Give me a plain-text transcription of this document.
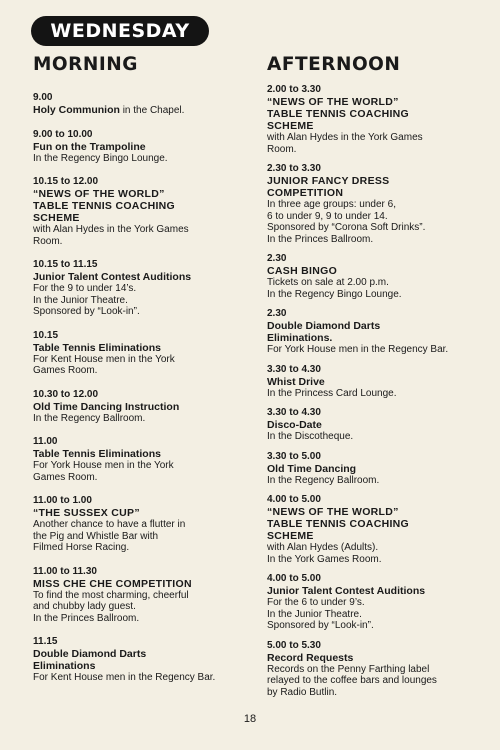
WEDNESDAY
MORNING
9.00
Holy Communion in the Chapel.
9.00 to 10.00
Fun on the Trampoline
In the Regency Bingo Lounge.
10.15 to 12.00
“NEWS OF THE WORLD”
TABLE TENNIS COACHING
SCHEME
with Alan Hydes in the York Games
Room.
10.15 to 11.15
Junior Talent Contest Auditions
For the 9 to under 14’s.
In the Junior Theatre.
Sponsored by “Look-in”.
10.15
Table Tennis Eliminations
For Kent House men in the York
Games Room.
10.30 to 12.00
Old Time Dancing Instruction
In the Regency Ballroom.
11.00
Table Tennis Eliminations
For York House men in the York
Games Room.
11.00 to 1.00
“THE SUSSEX CUP”
Another chance to have a flutter in
the Pig and Whistle Bar with
Filmed Horse Racing.
11.00 to 11.30
MISS CHE CHE COMPETITION
To find the most charming, cheerful
and chubby lady guest.
In the Princes Ballroom.
11.15
Double Diamond Darts
Eliminations
For Kent House men in the Regency Bar.
AFTERNOON
2.00 to 3.30
“NEWS OF THE WORLD”
TABLE TENNIS COACHING
SCHEME
with Alan Hydes in the York Games
Room.
2.30 to 3.30
JUNIOR FANCY DRESS
COMPETITION
In three age groups: under 6,
6 to under 9, 9 to under 14.
Sponsored by “Corona Soft Drinks”.
In the Princes Ballroom.
2.30
CASH BINGO
Tickets on sale at 2.00 p.m.
In the Regency Bingo Lounge.
2.30
Double Diamond Darts
Eliminations.
For York House men in the Regency Bar.
3.30 to 4.30
Whist Drive
In the Princess Card Lounge.
3.30 to 4.30
Disco-Date
In the Discotheque.
3.30 to 5.00
Old Time Dancing
In the Regency Ballroom.
4.00 to 5.00
“NEWS OF THE WORLD”
TABLE TENNIS COACHING
SCHEME
with Alan Hydes (Adults).
In the York Games Room.
4.00 to 5.00
Junior Talent Contest Auditions
For the 6 to under 9’s.
In the Junior Theatre.
Sponsored by “Look-in”.
5.00 to 5.30
Record Requests
Records on the Penny Farthing label
relayed to the coffee bars and lounges
by Radio Butlin.
18
